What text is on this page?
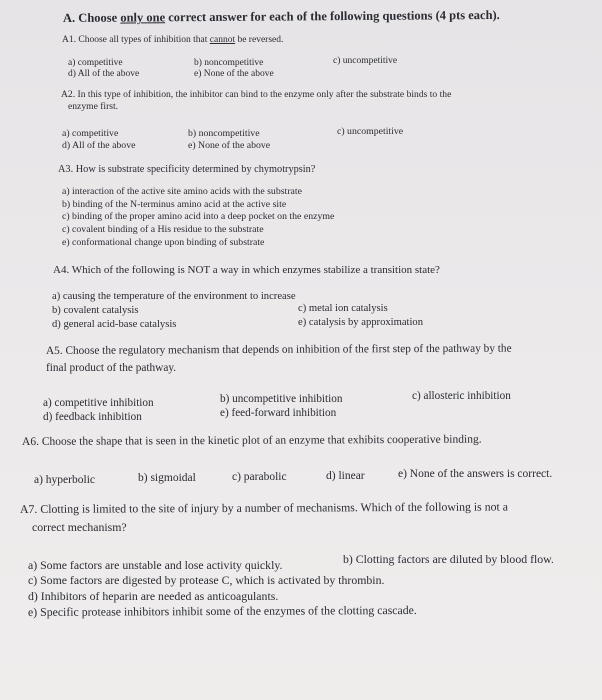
A. Choose only one correct answer for each of the following questions (4 pts each).
A1. Choose all types of inhibition that cannot be reversed.
a) competitive	b) noncompetitive	c) uncompetitive
d) All of the above	e) None of the above
A2. In this type of inhibition, the inhibitor can bind to the enzyme only after the substrate binds to the
enzyme first.
a) competitive	b) noncompetitive	c) uncompetitive
d) All of the above	e) None of the above
A3. How is substrate specificity determined by chymotrypsin?
a) interaction of the active site amino acids with the substrate
b) binding of the N-terminus amino acid at the active site
c) binding of the proper amino acid into a deep pocket on the enzyme
c) covalent binding of a His residue to the substrate
e) conformational change upon binding of substrate
A4. Which of the following is NOT a way in which enzymes stabilize a transition state?
a) causing the temperature of the environment to increase
b) covalent catalysis	c) metal ion catalysis
d) general acid-base catalysis	e) catalysis by approximation
A5. Choose the regulatory mechanism that depends on inhibition of the first step of the pathway by the
final product of the pathway.
a) competitive inhibition	b) uncompetitive inhibition	c) allosteric inhibition
d) feedback inhibition	e) feed-forward inhibition
A6. Choose the shape that is seen in the kinetic plot of an enzyme that exhibits cooperative binding.
a) hyperbolic	b) sigmoidal	c) parabolic	d) linear	e) None of the answers is correct.
A7. Clotting is limited to the site of injury by a number of mechanisms. Which of the following is not a
correct mechanism?
a) Some factors are unstable and lose activity quickly.	b) Clotting factors are diluted by blood flow.
c) Some factors are digested by protease C, which is activated by thrombin.
d) Inhibitors of heparin are needed as anticoagulants.
e) Specific protease inhibitors inhibit some of the enzymes of the clotting cascade.
